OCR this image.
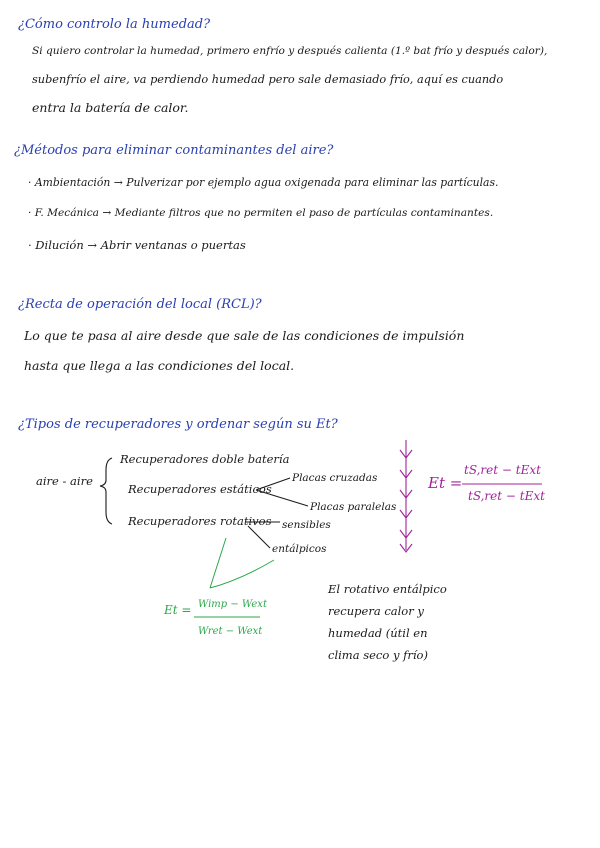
¿Cómo controlo la humedad?
Si quiero controlar la humedad, primero enfrío y después calienta (1.º bat frío y después calor),
subenfrío el aire, va perdiendo humedad pero sale demasiado frío, aquí es cuando
entra la batería de calor.
¿Métodos para eliminar contaminantes del aire?
· Ambientación → Pulverizar por ejemplo agua oxigenada para eliminar las partículas.
· F. Mecánica → Mediante filtros que no permiten el paso de partículas contaminantes.
· Dilución → Abrir ventanas o puertas
¿Recta de operación del local (RCL)?
Lo que te pasa al aire desde que sale de las condiciones de impulsión
hasta que llega a las condiciones del local.
¿Tipos de recuperadores y ordenar según su Et?
aire - aire
Recuperadores doble batería
Recuperadores estáticos
Recuperadores rotativos
Placas cruzadas
Placas paralelas
sensibles
entálpicos
Et =
tS,ret − tExt
tS,ret − tExt
Et = Wimp − Wext
Wret − Wext
El rotativo entálpico
recupera calor y
humedad (útil en
clima seco y frío)
